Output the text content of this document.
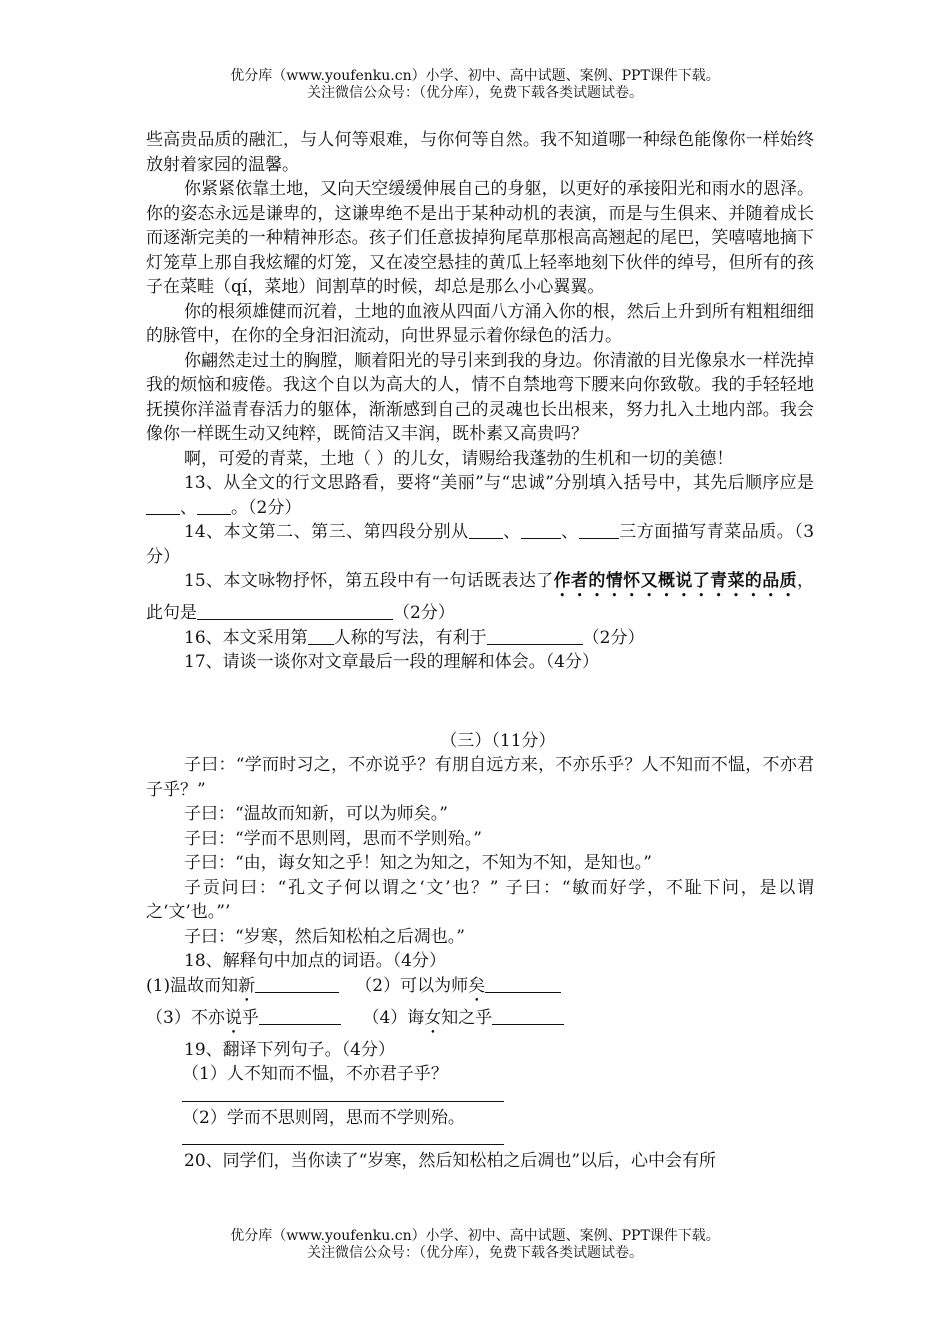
优分库（www.youfenku.cn）小学、初中、高中试题、案例、PPT课件下载。
关注微信公众号：（优分库），免费下载各类试题试卷。

些高贵品质的融汇，与人何等艰难，与你何等自然。我不知道哪一种绿色能像你一样始终放射着家园的温馨。

你紧紧依靠土地，又向天空缓缓伸展自己的身躯，以更好的承接阳光和雨水的恩泽。你的姿态永远是谦卑的，这谦卑绝不是出于某种动机的表演，而是与生俱来、并随着成长而逐渐完美的一种精神形态。孩子们任意拔掉狗尾草那根高高翘起的尾巴，笑嘻嘻地摘下灯笼草上那自我炫耀的灯笼，又在凌空悬挂的黄瓜上轻率地刻下伙伴的绰号，但所有的孩子在菜畦（qí，菜地）间割草的时候，却总是那么小心翼翼。

你的根须雄健而沉着，土地的血液从四面八方涌入你的根，然后上升到所有粗粗细细的脉管中，在你的全身汩汩流动，向世界显示着你绿色的活力。

你翩然走过土的胸膛，顺着阳光的导引来到我的身边。你清澈的目光像泉水一样洗掉我的烦恼和疲倦。我这个自以为高大的人，情不自禁地弯下腰来向你致敬。我的手轻轻地抚摸你洋溢青春活力的躯体，渐渐感到自己的灵魂也长出根来，努力扎入土地内部。我会像你一样既生动又纯粹，既简洁又丰润，既朴素又高贵吗？

啊，可爱的青菜，土地（ ）的儿女，请赐给我蓬勃的生机和一切的美德！

13、从全文的行文思路看，要将“美丽”与“忠诚”分别填入括号中，其先后顺序应是、 。（2分）

14、本文第二、第三、第四段分别从 、 、 三方面描写青菜品质。（3分）

15、本文咏物抒怀，第五段中有一句话既表达了作者的情怀又概说了青菜的品质，此句是	（2分）

16、本文采用第 人称的写法，有利于	（2分）

17、请谈一谈你对文章最后一段的理解和体会。（4分）

（三）（11分）

子曰：“学而时习之，不亦说乎？有朋自远方来，不亦乐乎？人不知而不愠，不亦君子乎？”

子曰：“温故而知新，可以为师矣。”

子曰：“学而不思则罔，思而不学则殆。”

子曰：“由，诲女知之乎！知之为知之，不知为不知，是知也。”

子贡问曰：“孔文子何以谓之‘文’也？” 子曰：“敏而好学，不耻下问，是以谓之‘文’也。”’

子曰：“岁寒，然后知松柏之后凋也。”

18、解释句中加点的词语。（4分）

(1)温故而知新	（2）可以为师矣

（3）不亦说乎	（4）诲女知之乎

19、翻译下列句子。（4分）

（1）人不知而不愠，不亦君子乎？

（2）学而不思则罔，思而不学则殆。

20、同学们，当你读了“岁寒，然后知松柏之后凋也”以后，心中会有所

优分库（www.youfenku.cn）小学、初中、高中试题、案例、PPT课件下载。
关注微信公众号：（优分库），免费下载各类试题试卷。
